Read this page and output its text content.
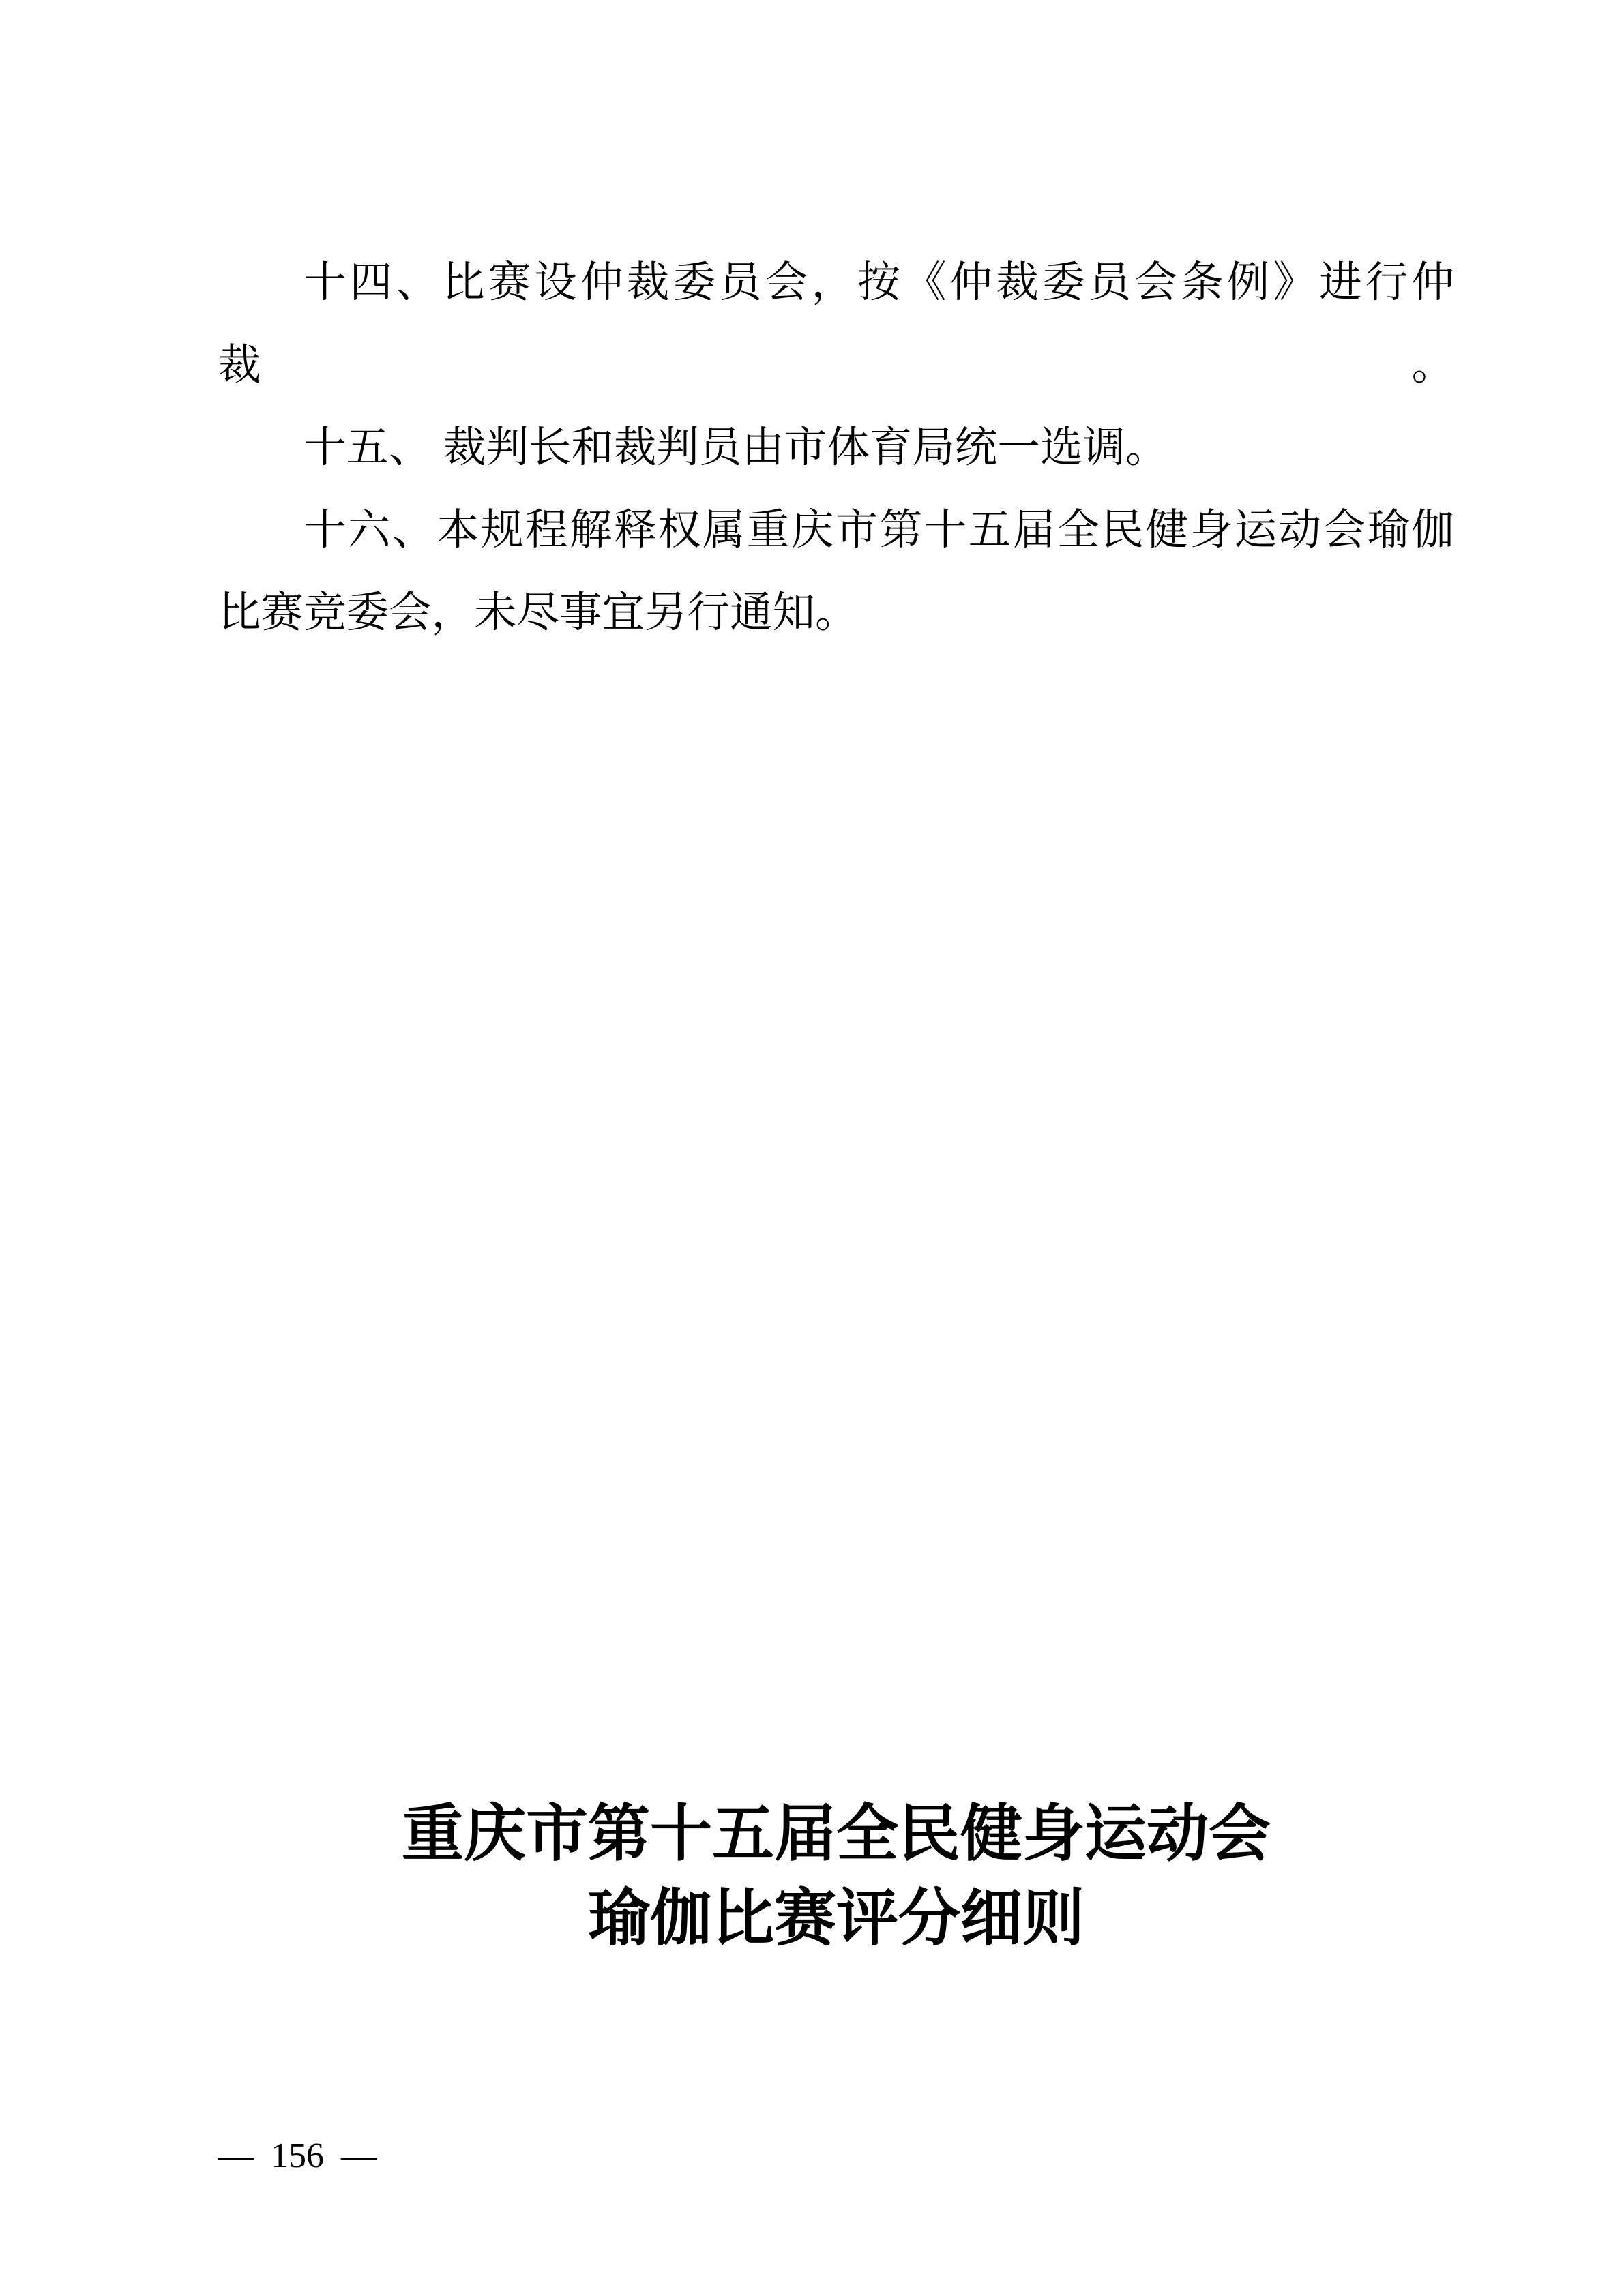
十四、比赛设仲裁委员会，按《仲裁委员会条例》进行仲裁。
十五、 裁判长和裁判员由市体育局统一选调。
十六、本规程解释权属重庆市第十五届全民健身运动会瑜伽
比赛竞委会，未尽事宜另行通知。
重庆市第十五届全民健身运动会
瑜伽比赛评分细则
— 156 —
